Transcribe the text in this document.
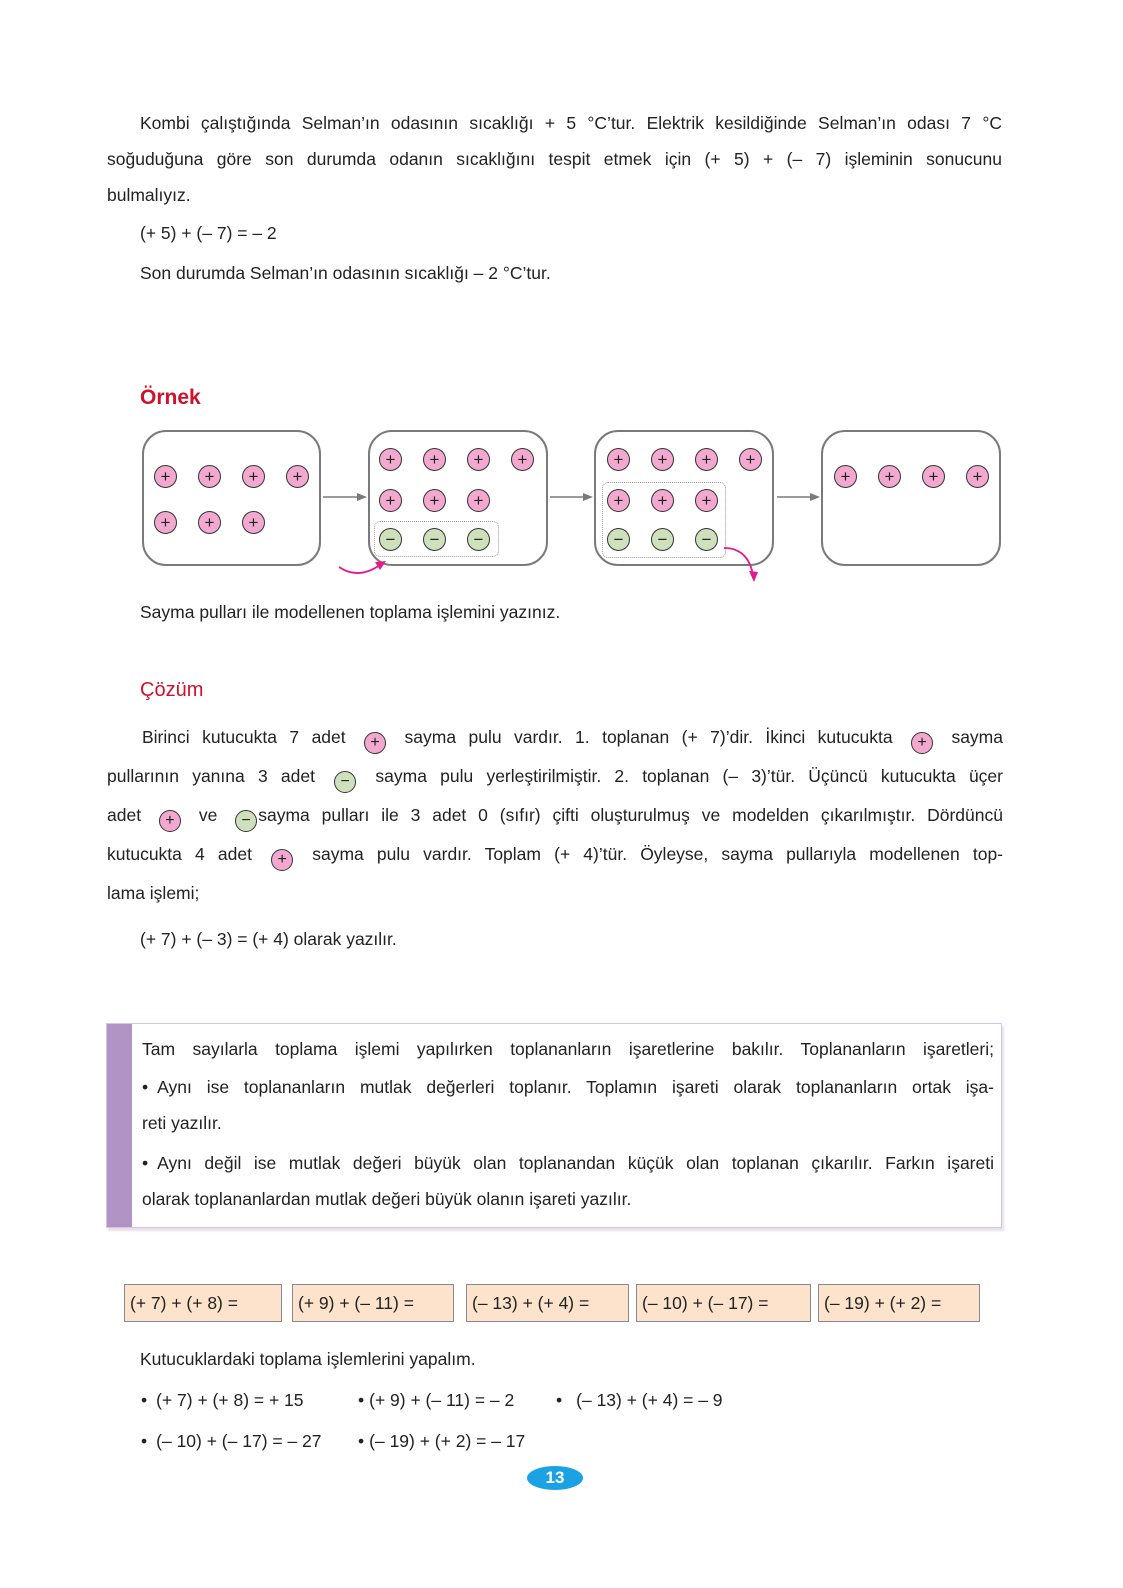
Kombi çalıştığında Selman’ın odasının sıcaklığı + 5 °C’tur. Elektrik kesildiğinde Selman’ın odası 7 °C

soğuduğuna göre son durumda odanın sıcaklığını tespit etmek için (+ 5) + (– 7) işleminin sonucunu

bulmalıyız.

(+ 5) + (– 7) = – 2

Son durumda Selman’ın odasının sıcaklığı – 2 °C’tur.

Örnek
+	+	+	+
+	+	+
+	+	+	+
+	+	+
−	−	−
+	+	+	+
+	+	+
−	−	−
+	+	+	+

Sayma pulları ile modellenen toplama işlemini yazınız.

Çözüm

Birinci kutucukta 7 adet + sayma pulu vardır. 1. toplanan (+ 7)’dir. İkinci kutucukta + sayma

pullarının yanına 3 adet − sayma pulu yerleştirilmiştir. 2. toplanan (– 3)’tür. Üçüncü kutucukta üçer

adet + ve − sayma pulları ile 3 adet 0 (sıfır) çifti oluşturulmuş ve modelden çıkarılmıştır. Dördüncü

kutucukta 4 adet + sayma pulu vardır. Toplam (+ 4)’tür. Öyleyse, sayma pullarıyla modellenen top-

lama işlemi;

(+ 7) + (– 3) = (+ 4) olarak yazılır.

Tam sayılarla toplama işlemi yapılırken toplananların işaretlerine bakılır. Toplananların işaretleri;

• Aynı ise toplananların mutlak değerleri toplanır. Toplamın işareti olarak toplananların ortak işa-

reti yazılır.

• Aynı değil ise mutlak değeri büyük olan toplanandan küçük olan toplanan çıkarılır. Farkın işareti

olarak toplananlardan mutlak değeri büyük olanın işareti yazılır.

(+ 7) + (+ 8) =	(+ 9) + (– 11) =	(– 13) + (+ 4) =	(– 10) + (– 17) =	(– 19) + (+ 2) =

Kutucuklardaki toplama işlemlerini yapalım.

• (+ 7) + (+ 8) = + 15	• (+ 9) + (– 11) = – 2 • (– 13) + (+ 4) = – 9
• (– 10) + (– 17) = – 27 • (– 19) + (+ 2) = – 17
13
